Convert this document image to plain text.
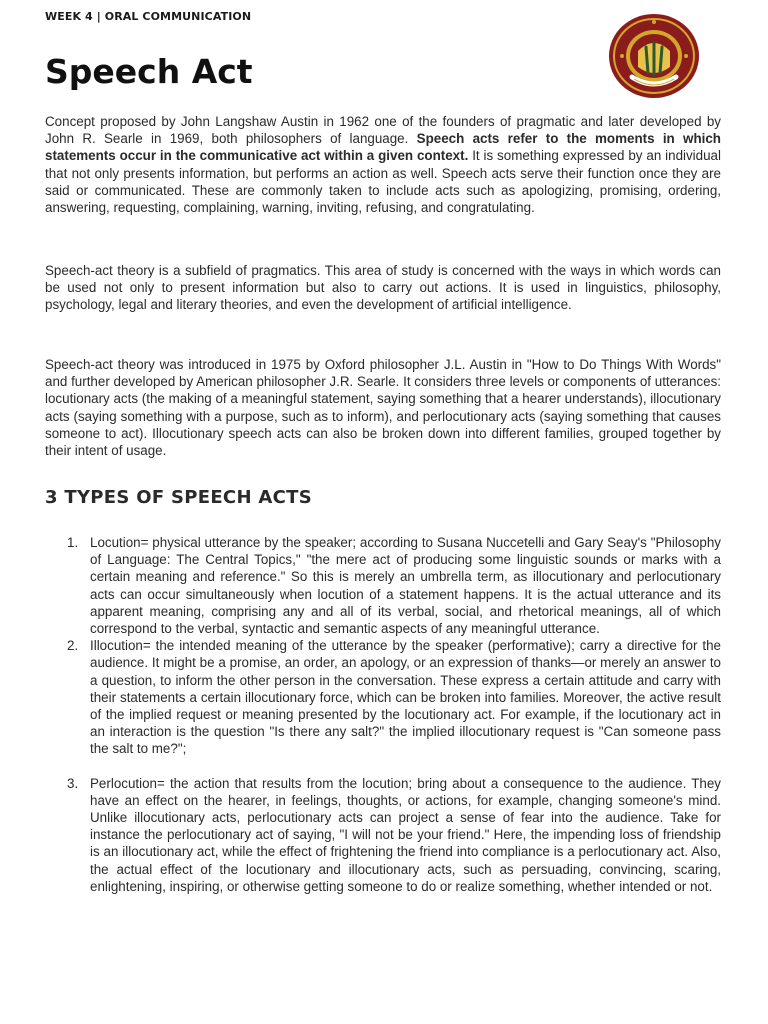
WEEK 4 | ORAL COMMUNICATION
Speech Act

Concept proposed by John Langshaw Austin in 1962 one of the founders of pragmatic and later developed by John R. Searle in 1969, both philosophers of language. Speech acts refer to the moments in which statements occur in the communicative act within a given context. It is something expressed by an individual that not only presents information, but performs an action as well. Speech acts serve their function once they are said or communicated. These are commonly taken to include acts such as apologizing, promising, ordering, answering, requesting, complaining, warning, inviting, refusing, and congratulating.

Speech-act theory is a subfield of pragmatics. This area of study is concerned with the ways in which words can be used not only to present information but also to carry out actions. It is used in linguistics, philosophy, psychology, legal and literary theories, and even the development of artificial intelligence.

Speech-act theory was introduced in 1975 by Oxford philosopher J.L. Austin in "How to Do Things With Words" and further developed by American philosopher J.R. Searle. It considers three levels or components of utterances: locutionary acts (the making of a meaningful statement, saying something that a hearer understands), illocutionary acts (saying something with a purpose, such as to inform), and perlocutionary acts (saying something that causes someone to act). Illocutionary speech acts can also be broken down into different families, grouped together by their intent of usage.

3 TYPES OF SPEECH ACTS
1. Locution= physical utterance by the speaker; according to Susana Nuccetelli and Gary Seay's "Philosophy of Language: The Central Topics," "the mere act of producing some linguistic sounds or marks with a certain meaning and reference." So this is merely an umbrella term, as illocutionary and perlocutionary acts can occur simultaneously when locution of a statement happens. It is the actual utterance and its apparent meaning, comprising any and all of its verbal, social, and rhetorical meanings, all of which correspond to the verbal, syntactic and semantic aspects of any meaningful utterance.
2. Illocution= the intended meaning of the utterance by the speaker (performative); carry a directive for the audience. It might be a promise, an order, an apology, or an expression of thanks—or merely an answer to a question, to inform the other person in the conversation. These express a certain attitude and carry with their statements a certain illocutionary force, which can be broken into families. Moreover, the active result of the implied request or meaning presented by the locutionary act. For example, if the locutionary act in an interaction is the question "Is there any salt?" the implied illocutionary request is "Can someone pass the salt to me?";
3. Perlocution= the action that results from the locution; bring about a consequence to the audience. They have an effect on the hearer, in feelings, thoughts, or actions, for example, changing someone's mind. Unlike illocutionary acts, perlocutionary acts can project a sense of fear into the audience. Take for instance the perlocutionary act of saying, "I will not be your friend." Here, the impending loss of friendship is an illocutionary act, while the effect of frightening the friend into compliance is a perlocutionary act. Also, the actual effect of the locutionary and illocutionary acts, such as persuading, convincing, scaring, enlightening, inspiring, or otherwise getting someone to do or realize something, whether intended or not.
